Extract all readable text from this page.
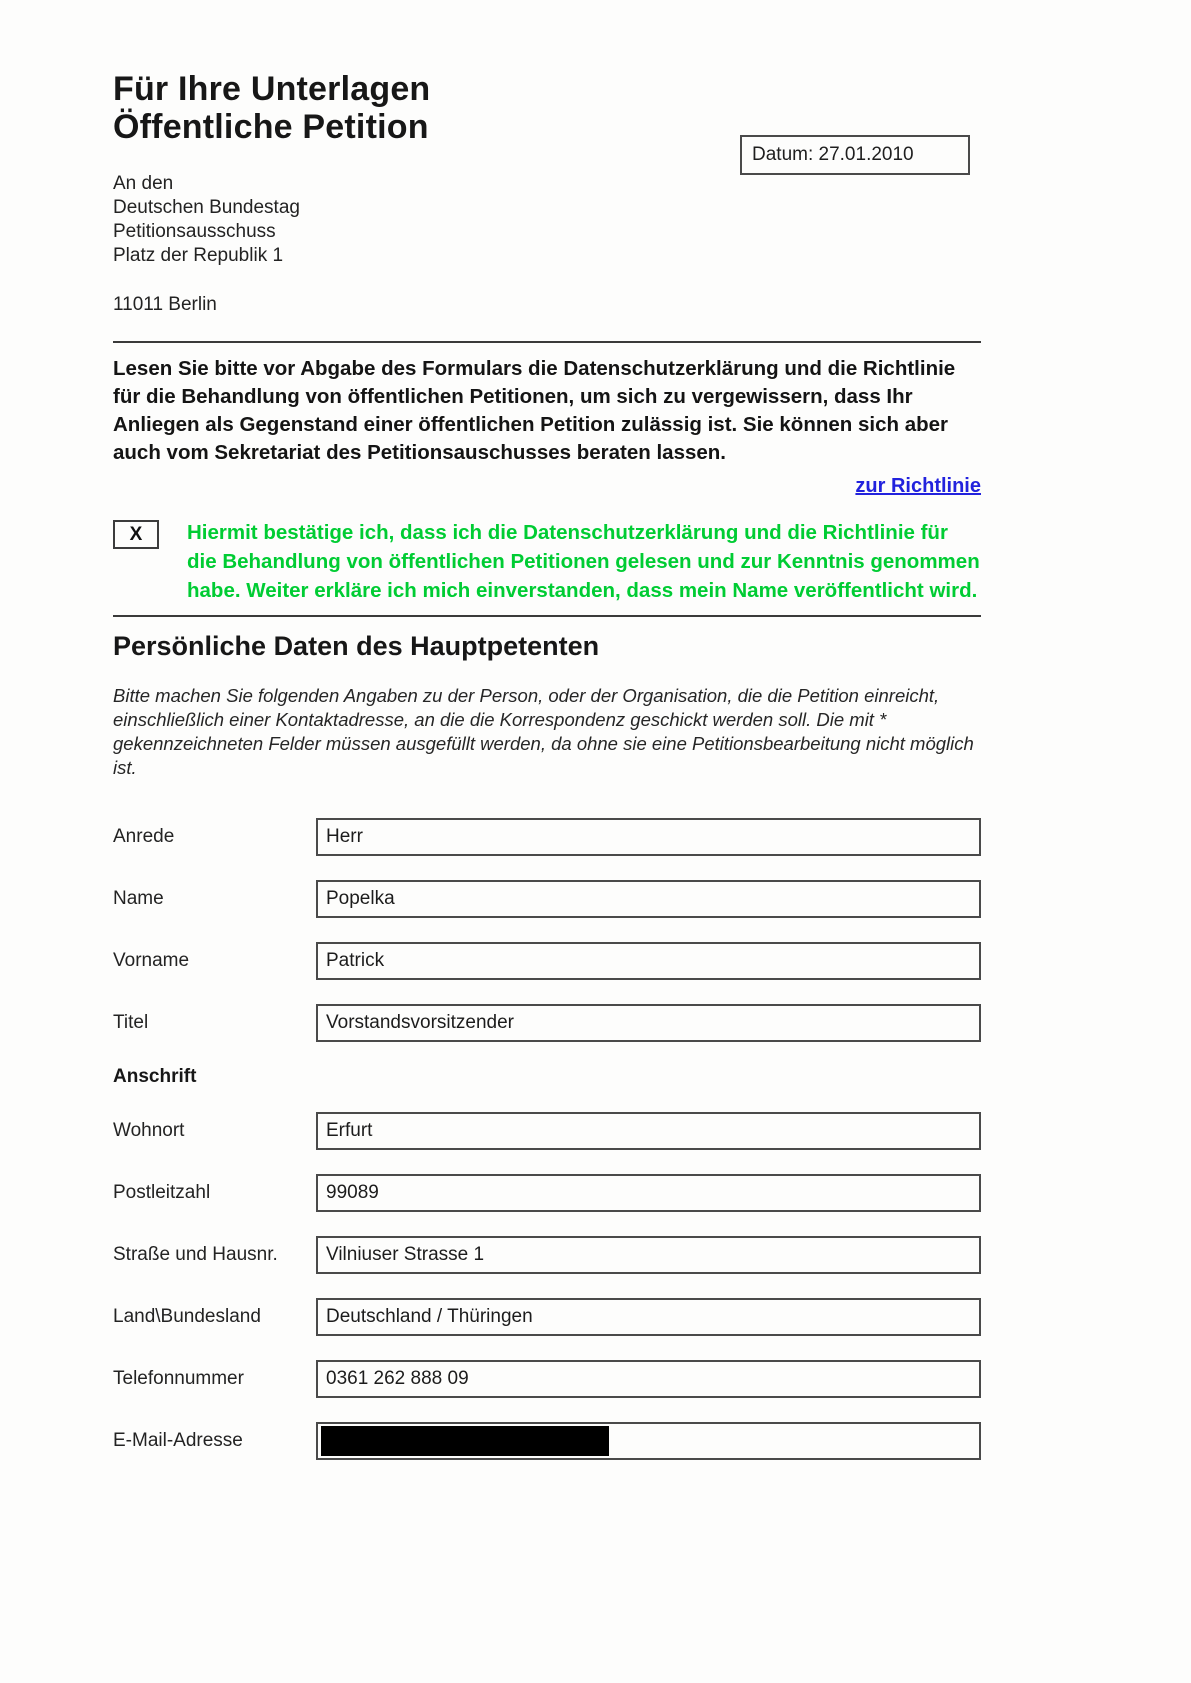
Für Ihre Unterlagen
Öffentliche Petition
An den
Deutschen Bundestag
Petitionsausschuss
Platz der Republik 1
Datum: 27.01.2010
11011 Berlin
Lesen Sie bitte vor Abgabe des Formulars die Datenschutzerklärung und die Richtlinie für die Behandlung von öffentlichen Petitionen, um sich zu vergewissern, dass Ihr Anliegen als Gegenstand einer öffentlichen Petition zulässig ist. Sie können sich aber auch vom Sekretariat des Petitionsauschusses beraten lassen.
zur Richtlinie
X Hiermit bestätige ich, dass ich die Datenschutzerklärung und die Richtlinie für die Behandlung von öffentlichen Petitionen gelesen und zur Kenntnis genommen habe. Weiter erkläre ich mich einverstanden, dass mein Name veröffentlicht wird.
Persönliche Daten des Hauptpetenten
Bitte machen Sie folgenden Angaben zu der Person, oder der Organisation, die die Petition einreicht, einschließlich einer Kontaktadresse, an die die Korrespondenz geschickt werden soll. Die mit * gekennzeichneten Felder müssen ausgefüllt werden, da ohne sie eine Petitionsbearbeitung nicht möglich ist.
Anrede	Herr
Name	Popelka
Vorname	Patrick
Titel	Vorstandsvorsitzender
Anschrift
Wohnort	Erfurt
Postleitzahl	99089
Straße und Hausnr.	Vilniuser Strasse 1
Land\Bundesland	Deutschland / Thüringen
Telefonnummer	0361 262 888 09
E-Mail-Adresse
